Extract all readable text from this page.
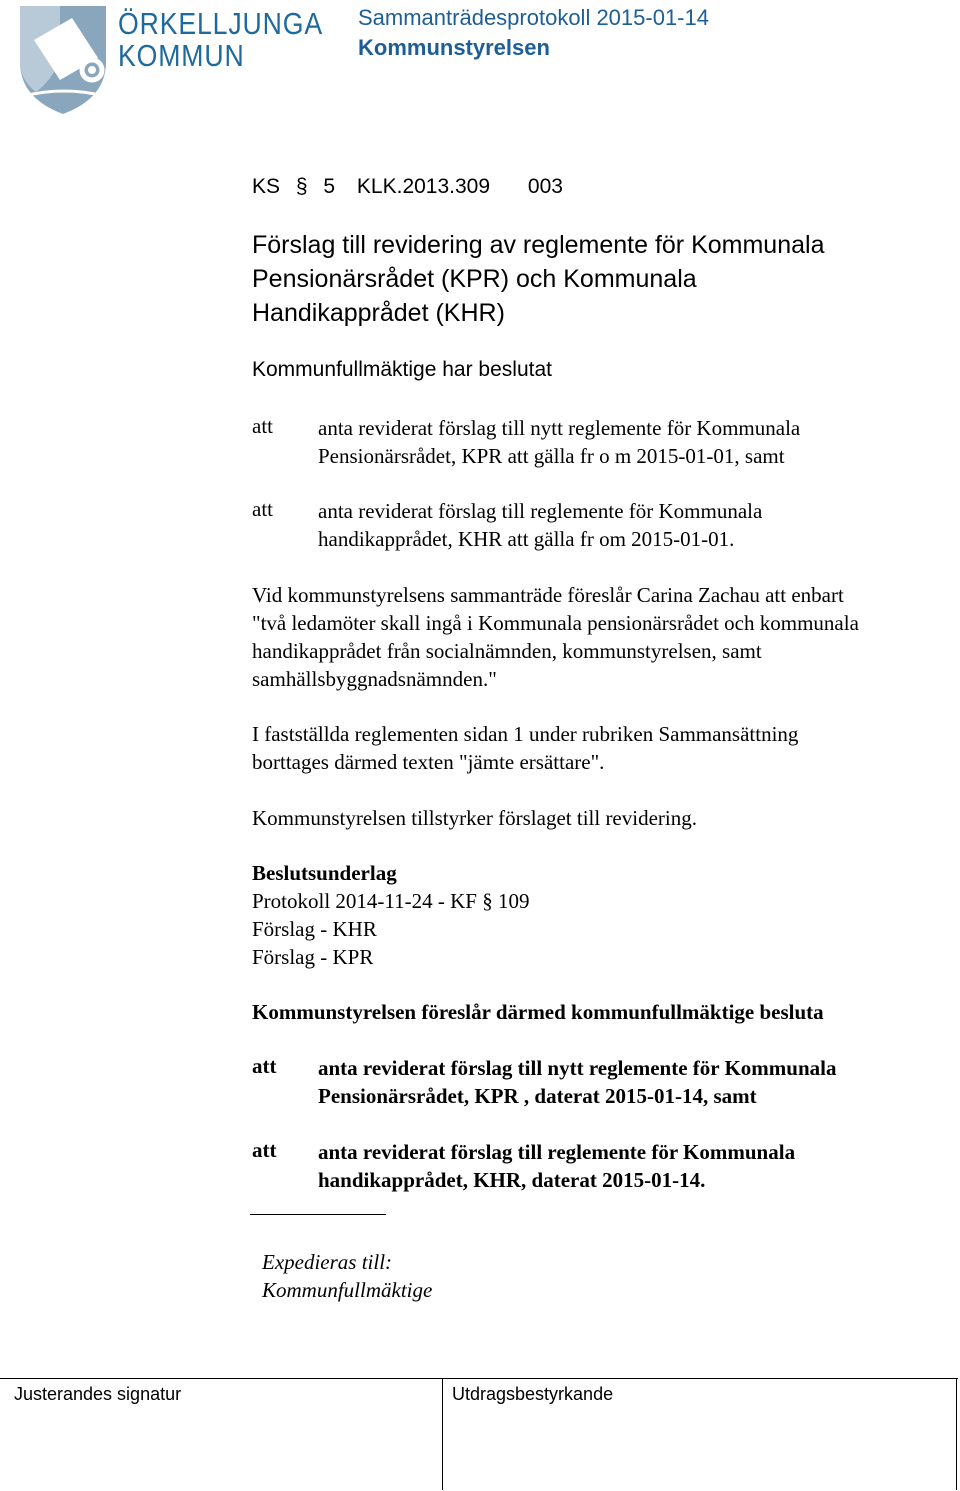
ÖRKELLJUNGA
KOMMUN
Sammanträdesprotokoll 2015-01-14
Kommunstyrelsen
KS § 5 KLK.2013.309 003
Förslag till revidering av reglemente för Kommunala
Pensionärsrådet (KPR) och Kommunala
Handikapprådet (KHR)
Kommunfullmäktige har beslutat
att anta reviderat förslag till nytt reglemente för Kommunala
Pensionärsrådet, KPR att gälla fr o m 2015-01-01, samt
att anta reviderat förslag till reglemente för Kommunala
handikapprådet, KHR att gälla fr om 2015-01-01.
Vid kommunstyrelsens sammanträde föreslår Carina Zachau att enbart
"två ledamöter skall ingå i Kommunala pensionärsrådet och kommunala
handikapprådet från socialnämnden, kommunstyrelsen, samt
samhällsbyggnadsnämnden."
I fastställda reglementen sidan 1 under rubriken Sammansättning
borttages därmed texten "jämte ersättare".
Kommunstyrelsen tillstyrker förslaget till revidering.
Beslutsunderlag
Protokoll 2014-11-24 - KF § 109
Förslag - KHR
Förslag - KPR
Kommunstyrelsen föreslår därmed kommunfullmäktige besluta
att anta reviderat förslag till nytt reglemente för Kommunala
Pensionärsrådet, KPR , daterat 2015-01-14, samt
att anta reviderat förslag till reglemente för Kommunala
handikapprådet, KHR, daterat 2015-01-14.
Expedieras till:
Kommunfullmäktige
Justerandes signatur	Utdragsbestyrkande
